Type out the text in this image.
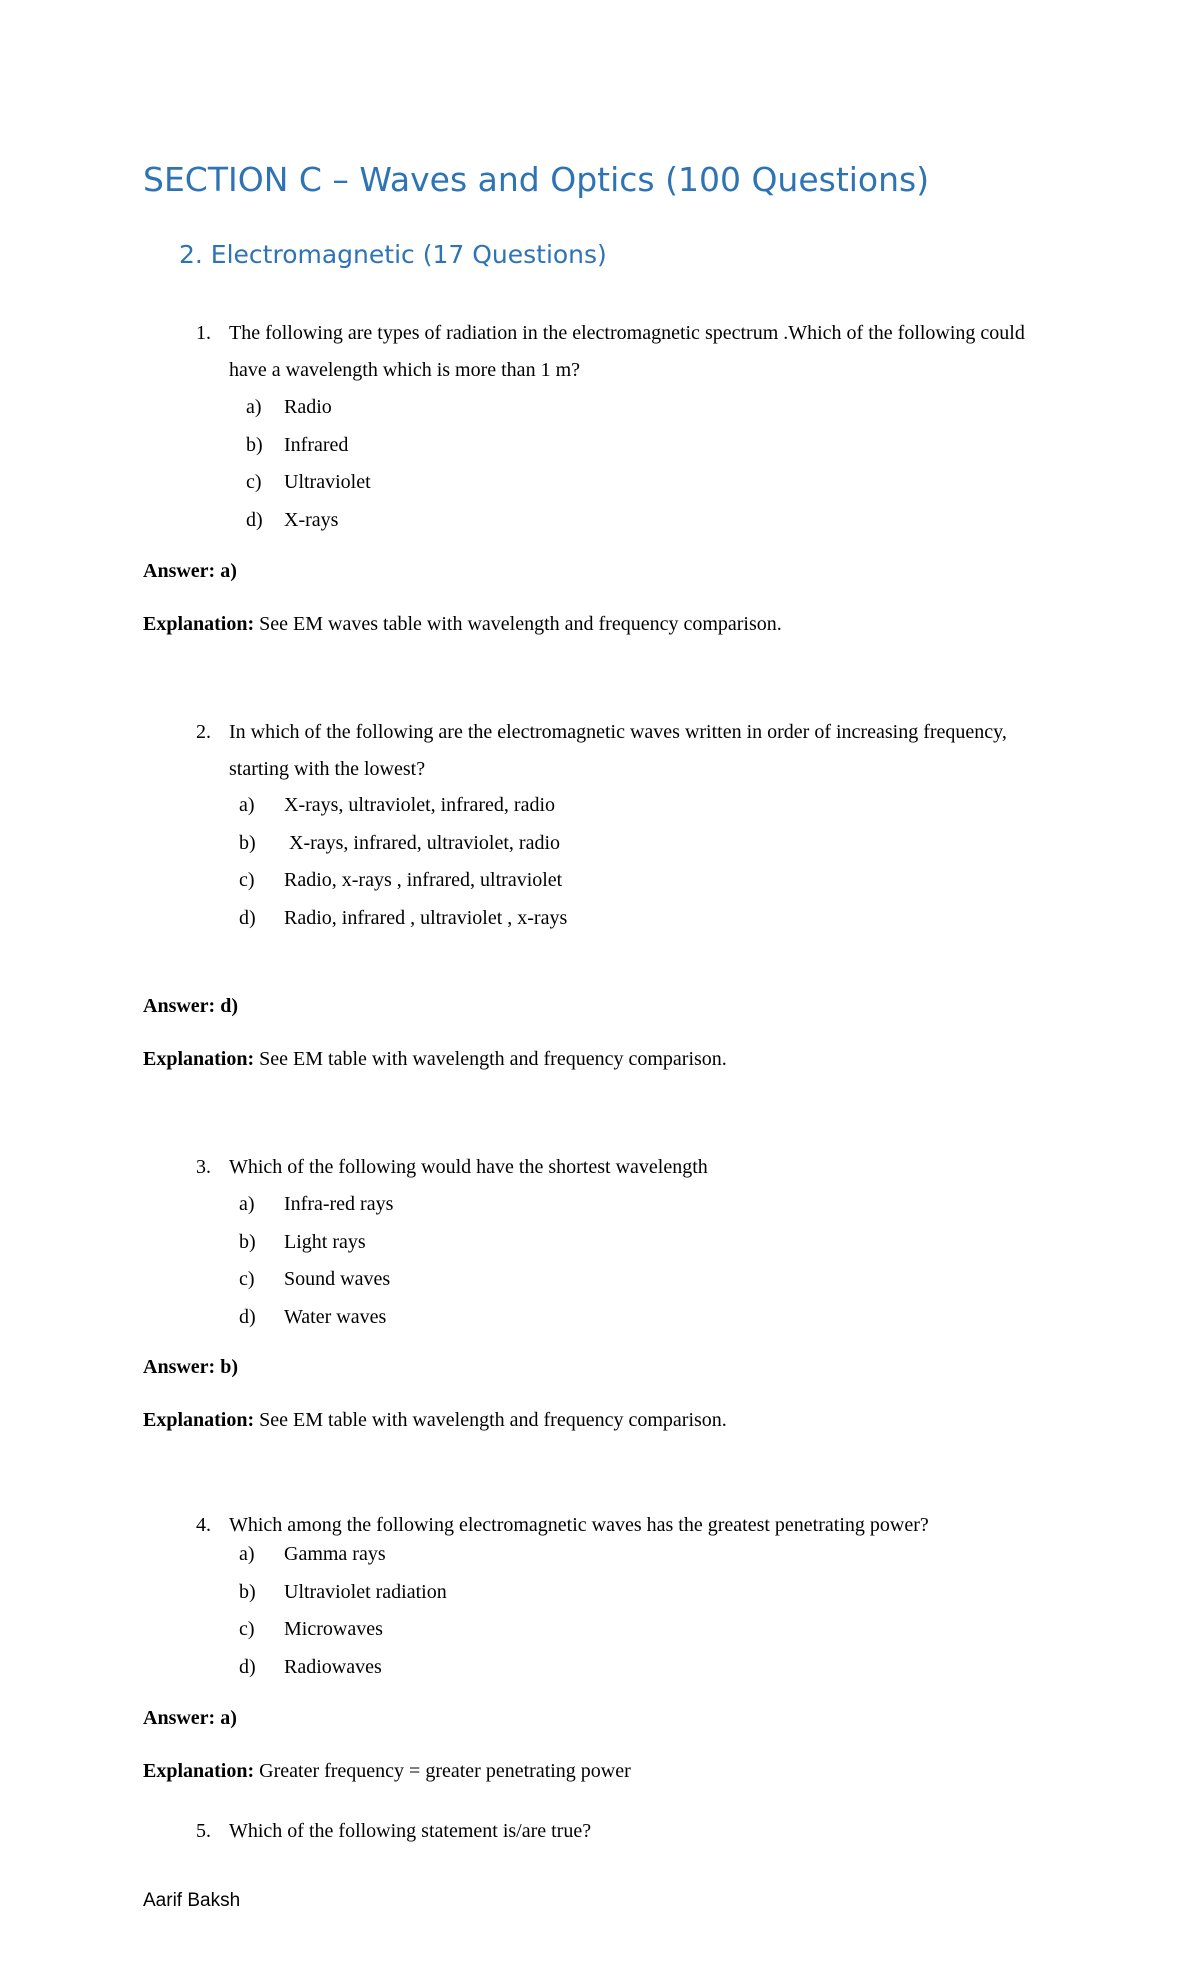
SECTION C – Waves and Optics (100 Questions)
2. Electromagnetic (17 Questions)
1. The following are types of radiation in the electromagnetic spectrum .Which of the following could have a wavelength which is more than 1 m?
a) Radio
b) Infrared
c) Ultraviolet
d) X-rays

Answer: a)

Explanation: See EM waves table with wavelength and frequency comparison.

2. In which of the following are the electromagnetic waves written in order of increasing frequency, starting with the lowest?
a) X-rays, ultraviolet, infrared, radio
b) X-rays, infrared, ultraviolet, radio
c) Radio, x-rays , infrared, ultraviolet
d) Radio, infrared , ultraviolet , x-rays

Answer: d)

Explanation: See EM table with wavelength and frequency comparison.

3. Which of the following would have the shortest wavelength
a) Infra-red rays
b) Light rays
c) Sound waves
d) Water waves

Answer: b)

Explanation: See EM table with wavelength and frequency comparison.

4. Which among the following electromagnetic waves has the greatest penetrating power?
a) Gamma rays
b) Ultraviolet radiation
c) Microwaves
d) Radiowaves

Answer: a)

Explanation: Greater frequency = greater penetrating power

5. Which of the following statement is/are true?
Aarif Baksh
